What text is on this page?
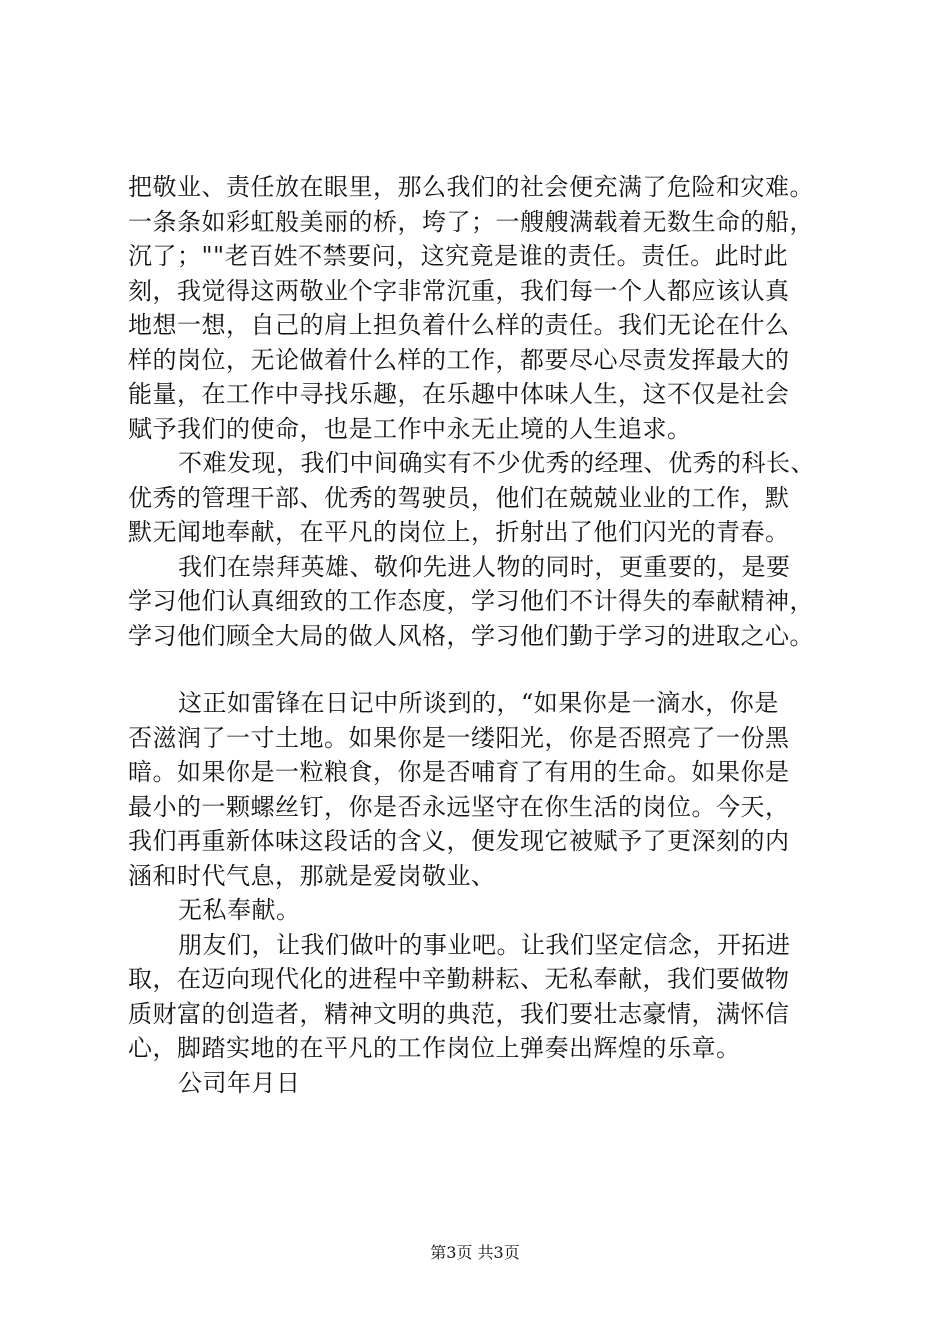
把敬业、责任放在眼里，那么我们的社会便充满了危险和灾难。
一条条如彩虹般美丽的桥，垮了；一艘艘满载着无数生命的船，
沉了；""老百姓不禁要问，这究竟是谁的责任。责任。此时此
刻，我觉得这两敬业个字非常沉重，我们每一个人都应该认真
地想一想，自己的肩上担负着什么样的责任。我们无论在什么
样的岗位，无论做着什么样的工作，都要尽心尽责发挥最大的
能量，在工作中寻找乐趣，在乐趣中体味人生，这不仅是社会
赋予我们的使命，也是工作中永无止境的人生追求。
不难发现，我们中间确实有不少优秀的经理、优秀的科长、
优秀的管理干部、优秀的驾驶员，他们在兢兢业业的工作，默
默无闻地奉献，在平凡的岗位上，折射出了他们闪光的青春。
我们在崇拜英雄、敬仰先进人物的同时，更重要的，是要
学习他们认真细致的工作态度，学习他们不计得失的奉献精神，
学习他们顾全大局的做人风格，学习他们勤于学习的进取之心。
这正如雷锋在日记中所谈到的，“如果你是一滴水，你是
否滋润了一寸土地。如果你是一缕阳光，你是否照亮了一份黑
暗。如果你是一粒粮食，你是否哺育了有用的生命。如果你是
最小的一颗螺丝钉，你是否永远坚守在你生活的岗位。今天，
我们再重新体味这段话的含义，便发现它被赋予了更深刻的内
涵和时代气息，那就是爱岗敬业、
无私奉献。
朋友们，让我们做叶的事业吧。让我们坚定信念，开拓进
取，在迈向现代化的进程中辛勤耕耘、无私奉献，我们要做物
质财富的创造者，精神文明的典范，我们要壮志豪情，满怀信
心，脚踏实地的在平凡的工作岗位上弹奏出辉煌的乐章。
公司年月日
第3页 共3页
